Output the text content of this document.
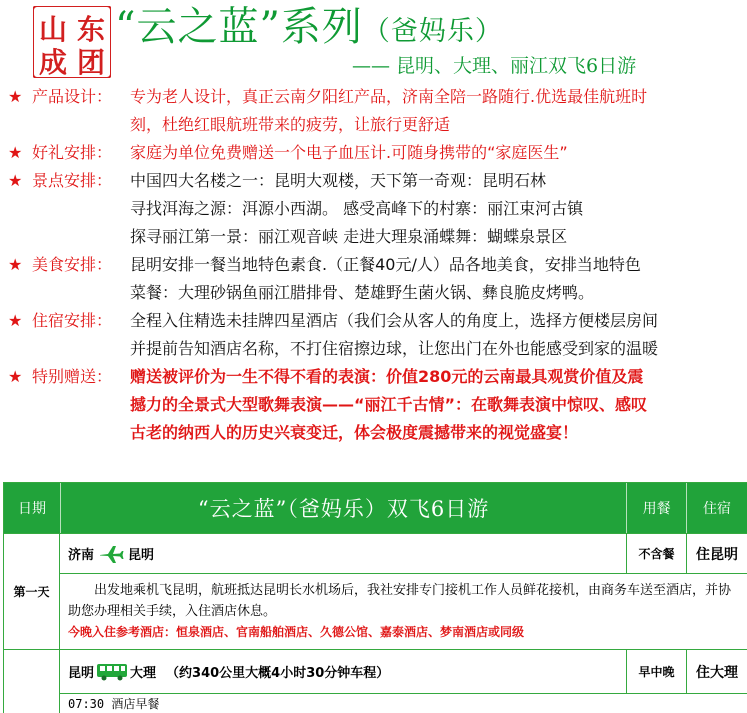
山 东
成 团
“云之蓝”系列（爸妈乐）
—— 昆明、大理、丽江双飞6日游
★ 产品设计： 专为老人设计，真正云南夕阳红产品，济南全陪一路随行.优选最佳航班时
刻，杜绝红眼航班带来的疲劳，让旅行更舒适
★ 好礼安排： 家庭为单位免费赠送一个电子血压计.可随身携带的“家庭医生”
★ 景点安排： 中国四大名楼之一：昆明大观楼，天下第一奇观：昆明石林
寻找洱海之源：洱源小西湖。 感受高峰下的村寨：丽江束河古镇
探寻丽江第一景：丽江观音峡 走进大理泉涌蝶舞：蝴蝶泉景区
★ 美食安排： 昆明安排一餐当地特色素食.（正餐40元/人）品各地美食，安排当地特色
菜餐：大理砂锅鱼丽江腊排骨、楚雄野生菌火锅、彝良脆皮烤鸭。
★ 住宿安排： 全程入住精选未挂牌四星酒店（我们会从客人的角度上，选择方便楼层房间
并提前告知酒店名称，不打住宿擦边球，让您出门在外也能感受到家的温暖
★ 特别赠送： 赠送被评价为一生不得不看的表演：价值280元的云南最具观赏价值及震
撼力的全景式大型歌舞表演——“丽江千古情”：在歌舞表演中惊叹、感叹
古老的纳西人的历史兴衰变迁，体会极度震撼带来的视觉盛宴！
日期	“云之蓝”（爸妈乐）双飞6日游	用餐	住宿
第一天
济南	昆明	不含餐	住昆明
出发地乘机飞昆明，航班抵达昆明长水机场后，我社安排专门接机工作人员鲜花接机，由商务车送至酒店，并协助您办理相关手续，入住酒店休息。
今晚入住参考酒店：恒泉酒店、官南船舶酒店、久德公馆、嘉泰酒店、梦南酒店或同级
昆明	大理 （约340公里大概4小时30分钟车程）	早中晚	住大理
07:30 酒店早餐
